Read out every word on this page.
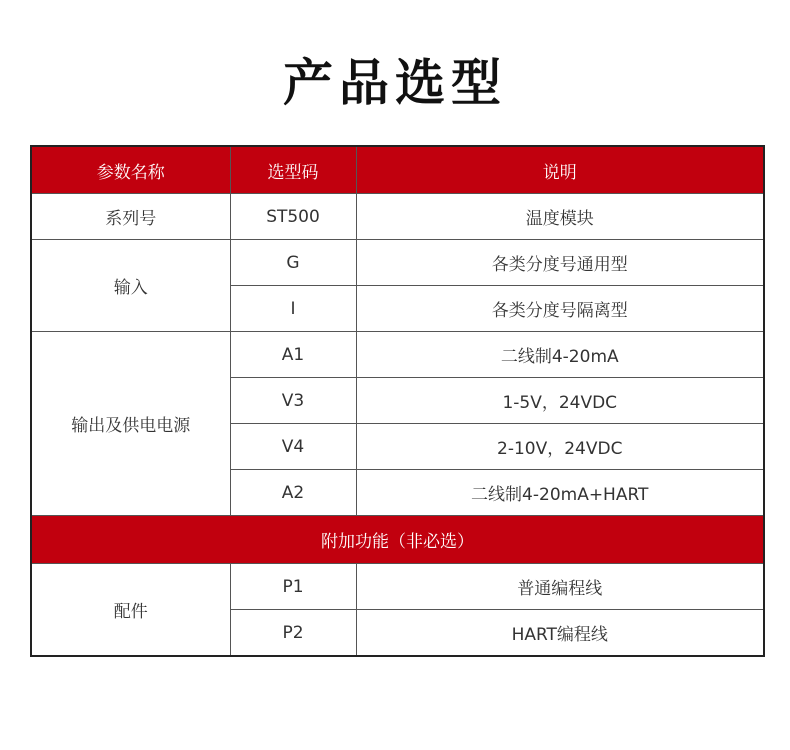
产品选型
参数名称	选型码	说明
系列号	ST500	温度模块
输入	G	各类分度号通用型
	I	各类分度号隔离型
输出及供电电源	A1	二线制4-20mA
	V3	1-5V，24VDC
	V4	2-10V，24VDC
	A2	二线制4-20mA+HART
附加功能（非必选）		
配件	P1	普通编程线
	P2	HART编程线
